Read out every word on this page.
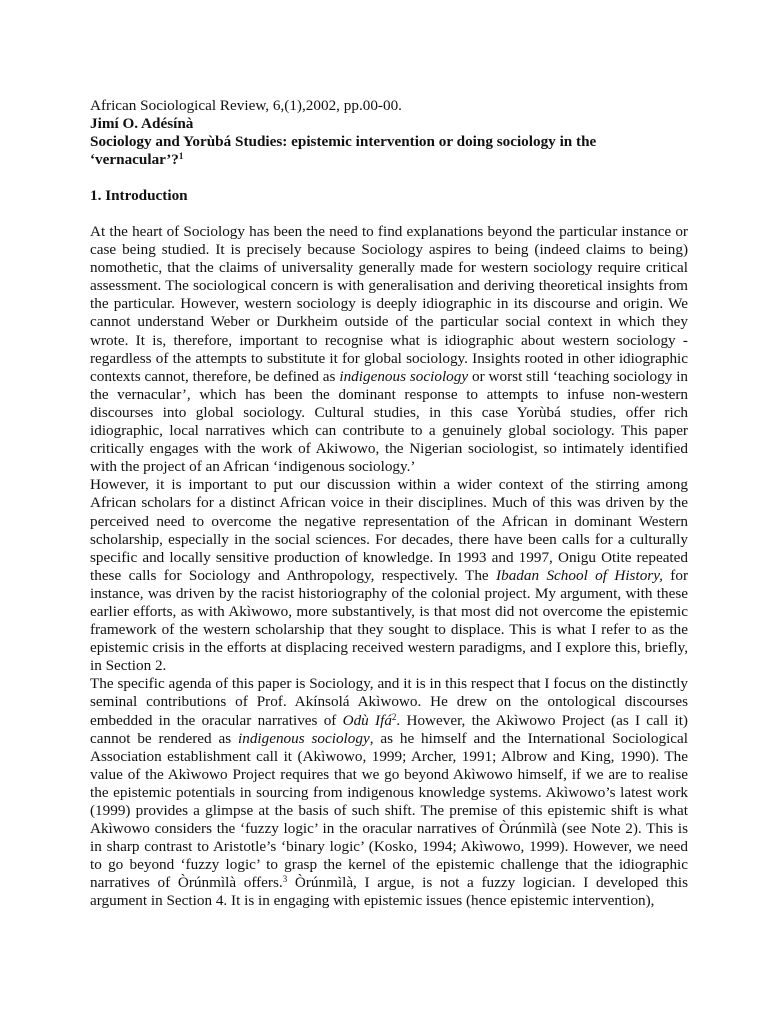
African Sociological Review, 6,(1),2002, pp.00-00.

Jimí O. Adésínà

Sociology and Yorùbá Studies: epistemic intervention or doing sociology in the
‘vernacular’?$^1$

1. Introduction

At the heart of Sociology has been the need to find explanations beyond the particular instance or case being studied. It is precisely because Sociology aspires to being (indeed claims to being) nomothetic, that the claims of universality generally made for western sociology require critical assessment. The sociological concern is with generalisation and deriving theoretical insights from the particular. However, western sociology is deeply idiographic in its discourse and origin. We cannot understand Weber or Durkheim outside of the particular social context in which they wrote. It is, therefore, important to recognise what is idiographic about western sociology - regardless of the attempts to substitute it for global sociology. Insights rooted in other idiographic contexts cannot, therefore, be defined as indigenous sociology or worst still ‘teaching sociology in the vernacular’, which has been the dominant response to attempts to infuse non-western discourses into global sociology. Cultural studies, in this case Yorùbá studies, offer rich idiographic, local narratives which can contribute to a genuinely global sociology. This paper critically engages with the work of Akiwowo, the Nigerian sociologist, so intimately identified with the project of an African ‘indigenous sociology.’

However, it is important to put our discussion within a wider context of the stirring among African scholars for a distinct African voice in their disciplines. Much of this was driven by the perceived need to overcome the negative representation of the African in dominant Western scholarship, especially in the social sciences. For decades, there have been calls for a culturally specific and locally sensitive production of knowledge. In 1993 and 1997, Onigu Otite repeated these calls for Sociology and Anthropology, respectively. The Ibadan School of History, for instance, was driven by the racist historiography of the colonial project. My argument, with these earlier efforts, as with Akìwowo, more substantively, is that most did not overcome the epistemic framework of the western scholarship that they sought to displace. This is what I refer to as the epistemic crisis in the efforts at displacing received western paradigms, and I explore this, briefly, in Section 2.

The specific agenda of this paper is Sociology, and it is in this respect that I focus on the distinctly seminal contributions of Prof. Akínsolá Akìwowo. He drew on the ontological discourses embedded in the oracular narratives of Odù Ifá$^2$. However, the Akìwowo Project (as I call it) cannot be rendered as indigenous sociology, as he himself and the International Sociological Association establishment call it (Akìwowo, 1999; Archer, 1991; Albrow and King, 1990). The value of the Akìwowo Project requires that we go beyond Akìwowo himself, if we are to realise the epistemic potentials in sourcing from indigenous knowledge systems. Akìwowo’s latest work (1999) provides a glimpse at the basis of such shift. The premise of this epistemic shift is what Akìwowo considers the ‘fuzzy logic’ in the oracular narratives of Òrúnmìlà (see Note 2). This is in sharp contrast to Aristotle’s ‘binary logic’ (Kosko, 1994; Akìwowo, 1999). However, we need to go beyond ‘fuzzy logic’ to grasp the kernel of the epistemic challenge that the idiographic narratives of Òrúnmìlà offers.$^3$ Òrúnmìlà, I argue, is not a fuzzy logician. I developed this argument in Section 4. It is in engaging with epistemic issues (hence epistemic intervention),
